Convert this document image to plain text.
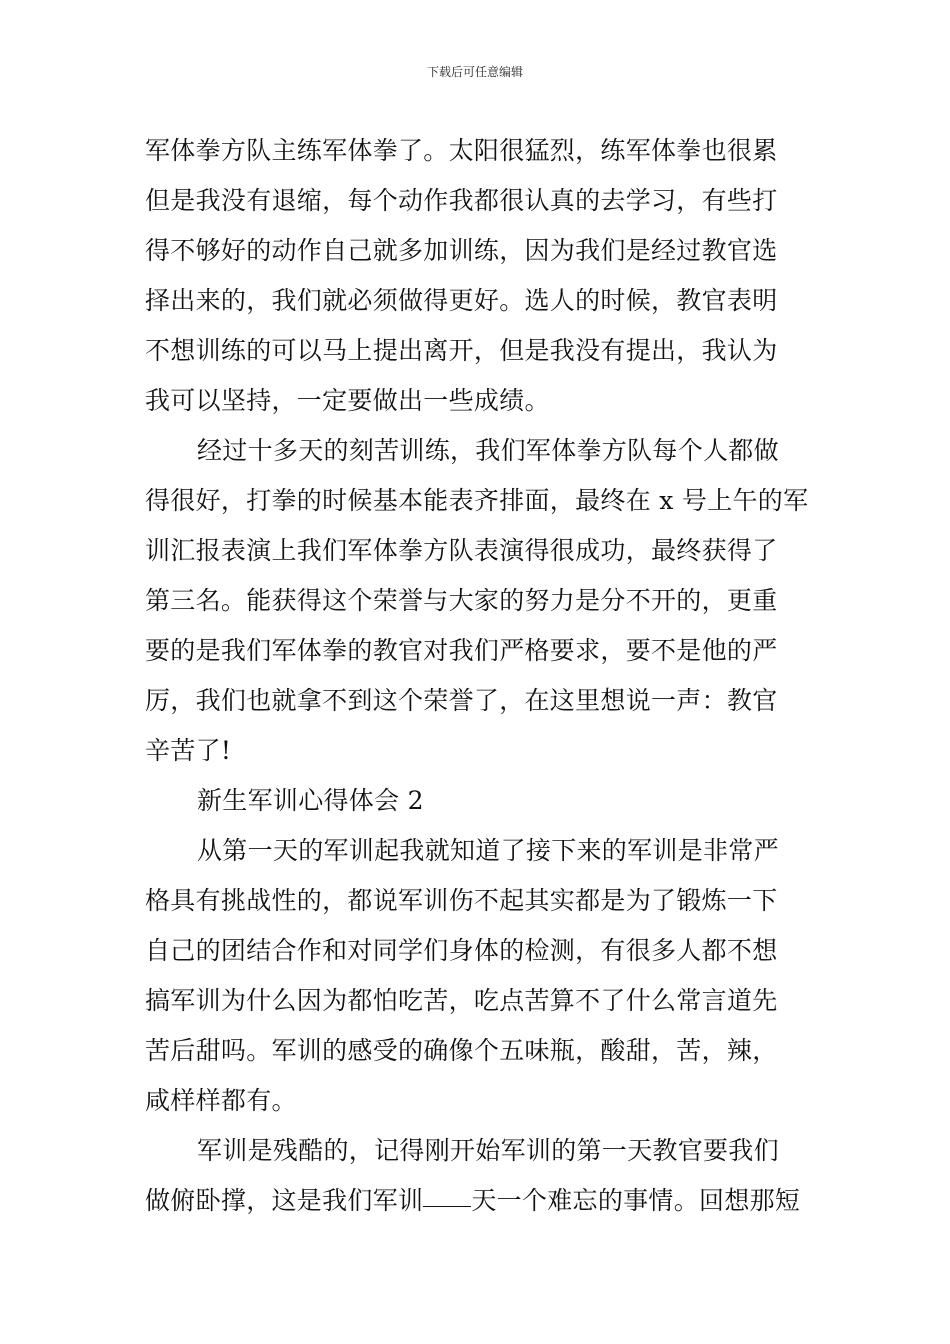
下载后可任意编辑
军体拳方队主练军体拳了。太阳很猛烈，练军体拳也很累
但是我没有退缩，每个动作我都很认真的去学习，有些打
得不够好的动作自己就多加训练，因为我们是经过教官选
择出来的，我们就必须做得更好。选人的时候，教官表明
不想训练的可以马上提出离开，但是我没有提出，我认为
我可以坚持，一定要做出一些成绩。
经过十多天的刻苦训练，我们军体拳方队每个人都做
得很好，打拳的时候基本能表齐排面，最终在 x 号上午的军
训汇报表演上我们军体拳方队表演得很成功，最终获得了
第三名。能获得这个荣誉与大家的努力是分不开的，更重
要的是我们军体拳的教官对我们严格要求，要不是他的严
厉，我们也就拿不到这个荣誉了，在这里想说一声：教官
辛苦了!
新生军训心得体会 2
从第一天的军训起我就知道了接下来的军训是非常严
格具有挑战性的，都说军训伤不起其实都是为了锻炼一下
自己的团结合作和对同学们身体的检测，有很多人都不想
搞军训为什么因为都怕吃苦，吃点苦算不了什么常言道先
苦后甜吗。军训的感受的确像个五味瓶，酸甜，苦，辣，
咸样样都有。
军训是残酷的，记得刚开始军训的第一天教官要我们
做俯卧撑，这是我们军训 天一个难忘的事情。回想那短
